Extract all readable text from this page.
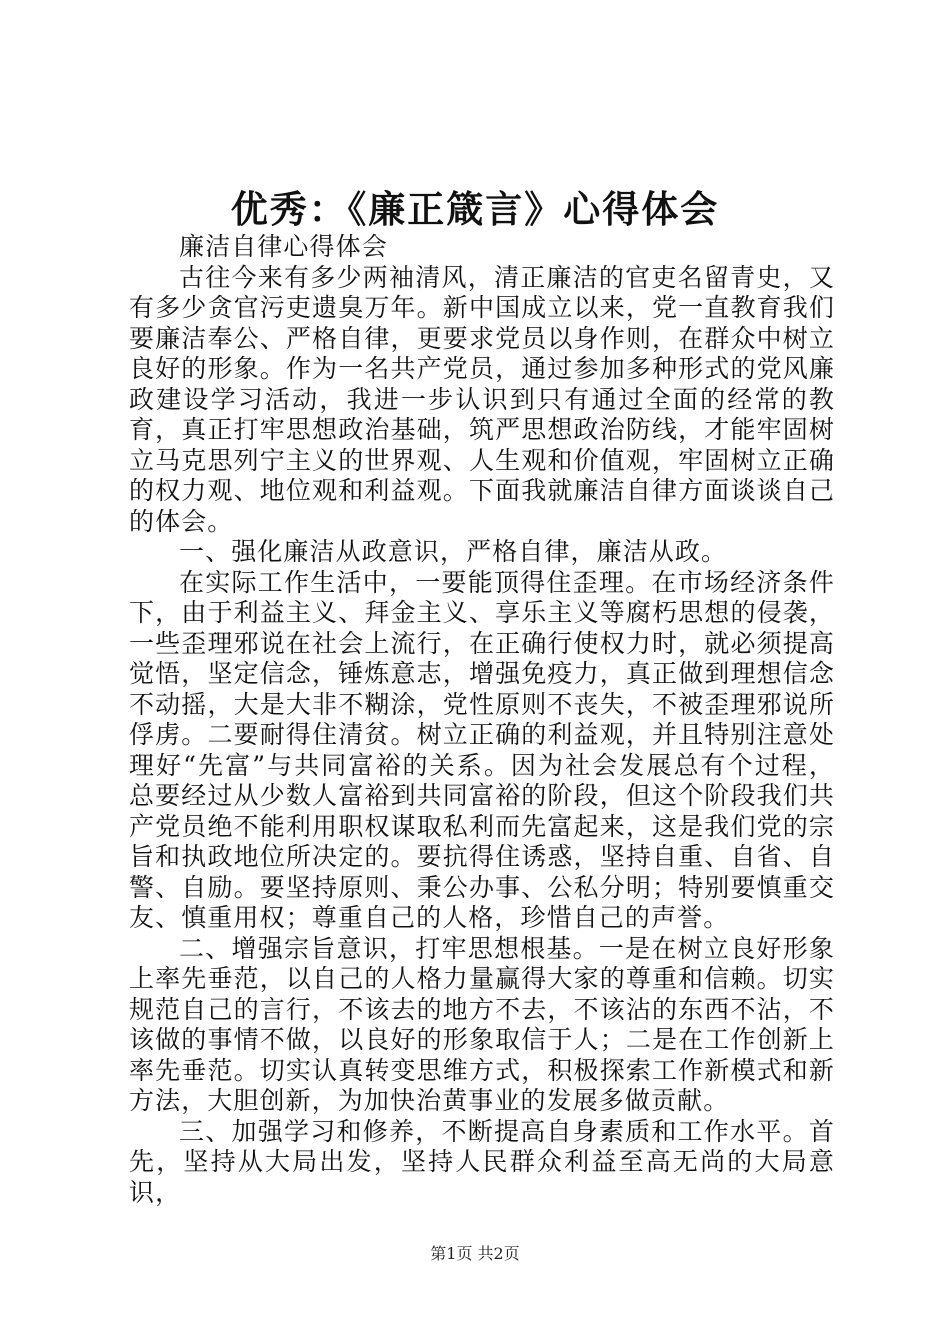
优秀：《廉正箴言》心得体会

廉洁自律心得体会

古往今来有多少两袖清风，清正廉洁的官吏名留青史，又有多少贪官污吏遗臭万年。新中国成立以来，党一直教育我们要廉洁奉公、严格自律，更要求党员以身作则，在群众中树立良好的形象。作为一名共产党员，通过参加多种形式的党风廉政建设学习活动，我进一步认识到只有通过全面的经常的教育，真正打牢思想政治基础，筑严思想政治防线，才能牢固树立马克思列宁主义的世界观、人生观和价值观，牢固树立正确的权力观、地位观和利益观。下面我就廉洁自律方面谈谈自己的体会。

一、强化廉洁从政意识，严格自律，廉洁从政。

在实际工作生活中，一要能顶得住歪理。在市场经济条件下，由于利益主义、拜金主义、享乐主义等腐朽思想的侵袭，一些歪理邪说在社会上流行，在正确行使权力时，就必须提高觉悟，坚定信念，锤炼意志，增强免疫力，真正做到理想信念不动摇，大是大非不糊涂，党性原则不丧失，不被歪理邪说所俘虏。二要耐得住清贫。树立正确的利益观，并且特别注意处理好“先富”与共同富裕的关系。因为社会发展总有个过程，总要经过从少数人富裕到共同富裕的阶段，但这个阶段我们共产党员绝不能利用职权谋取私利而先富起来，这是我们党的宗旨和执政地位所决定的。要抗得住诱惑，坚持自重、自省、自警、自励。要坚持原则、秉公办事、公私分明；特别要慎重交友、慎重用权；尊重自己的人格，珍惜自己的声誉。

二、增强宗旨意识，打牢思想根基。一是在树立良好形象上率先垂范，以自己的人格力量赢得大家的尊重和信赖。切实规范自己的言行，不该去的地方不去，不该沾的东西不沾，不该做的事情不做，以良好的形象取信于人；二是在工作创新上率先垂范。切实认真转变思维方式，积极探索工作新模式和新方法，大胆创新，为加快治黄事业的发展多做贡献。

三、加强学习和修养，不断提高自身素质和工作水平。首先，坚持从大局出发，坚持人民群众利益至高无尚的大局意识，

第1页 共2页
